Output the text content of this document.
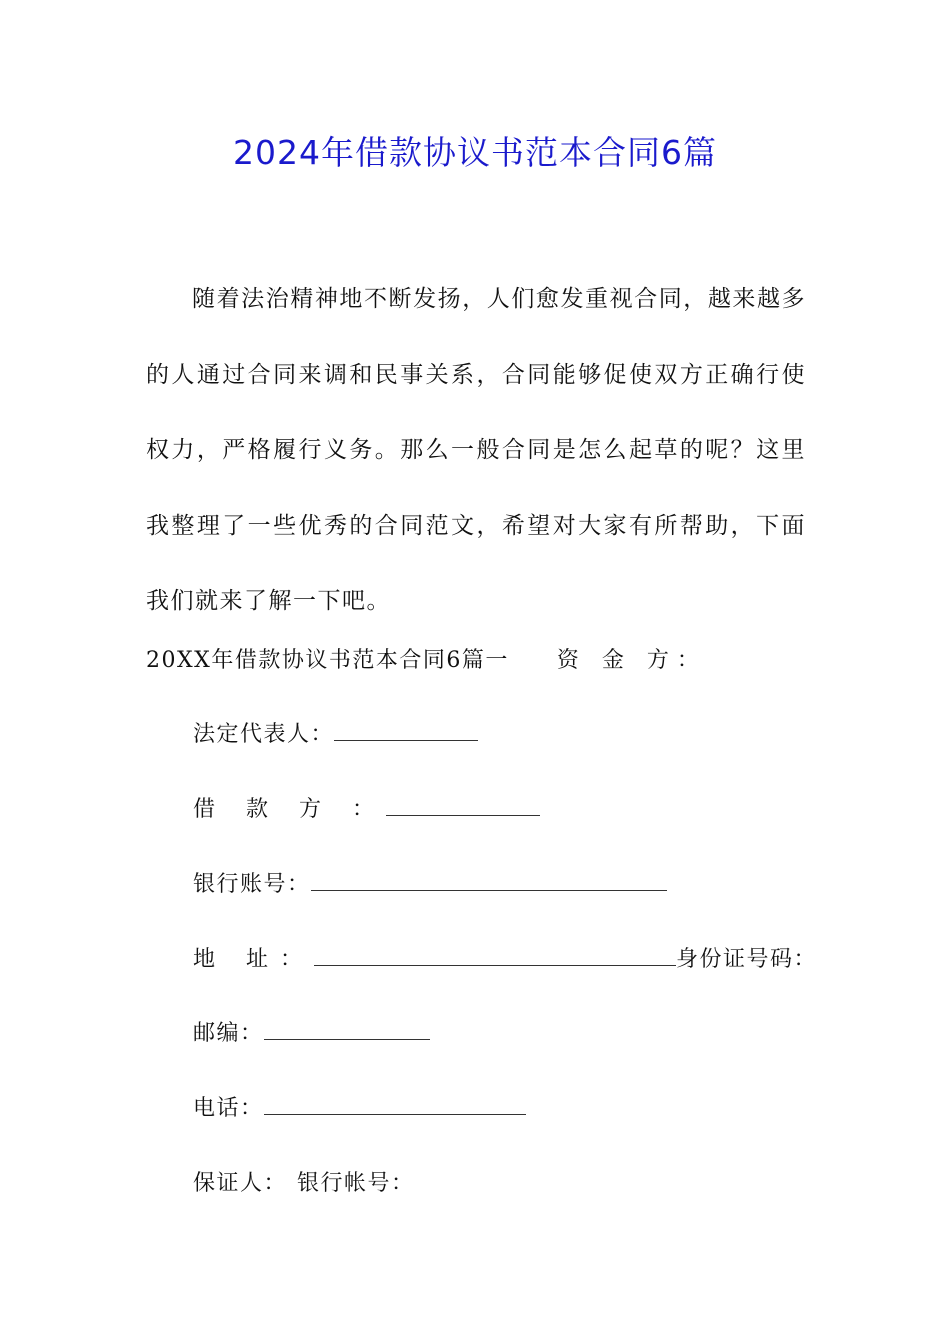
2024年借款协议书范本合同6篇

随着法治精神地不断发扬，人们愈发重视合同，越来越多的人通过合同来调和民事关系，合同能够促使双方正确行使权力，严格履行义务。那么一般合同是怎么起草的呢？这里我整理了一些优秀的合同范文，希望对大家有所帮助，下面我们就来了解一下吧。

20XX年借款协议书范本合同6篇一 资 金 方：
法定代表人：
借 款 方 ：
银行账号：
地 址：	身份证号码：
邮编：
电话：
保证人： 银行帐号：
